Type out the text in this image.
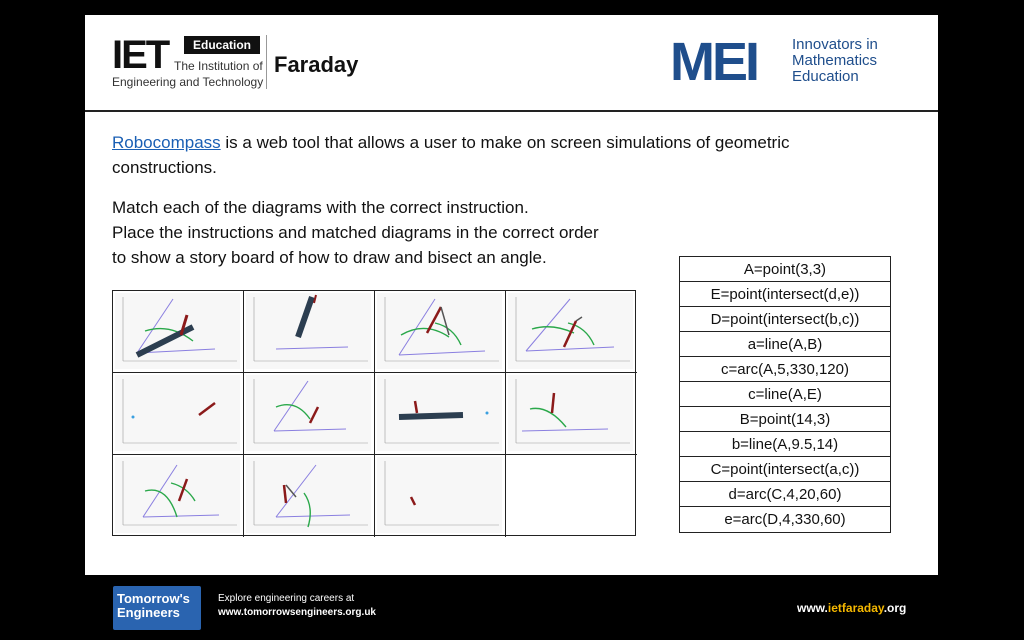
IET	Education
The Institution of
Engineering and Technology
Faraday	MEI Innovators in
Mathematics
Education
Robocompass is a web tool that allows a user to make on screen simulations of geometric constructions.
Match each of the diagrams with the correct instruction.
Place the instructions and matched diagrams in the correct order
to show a story board of how to draw and bisect an angle.
A=point(3,3)
E=point(intersect(d,e))
D=point(intersect(b,c))
a=line(A,B)
c=arc(A,5,330,120)
c=line(A,E)
B=point(14,3)
b=line(A,9.5,14)
C=point(intersect(a,c))
d=arc(C,4,20,60)
e=arc(D,4,330,60)
Tomorrow's
Engineers
Explore engineering careers at
www.tomorrowsengineers.org.uk	www.ietfaraday.org
